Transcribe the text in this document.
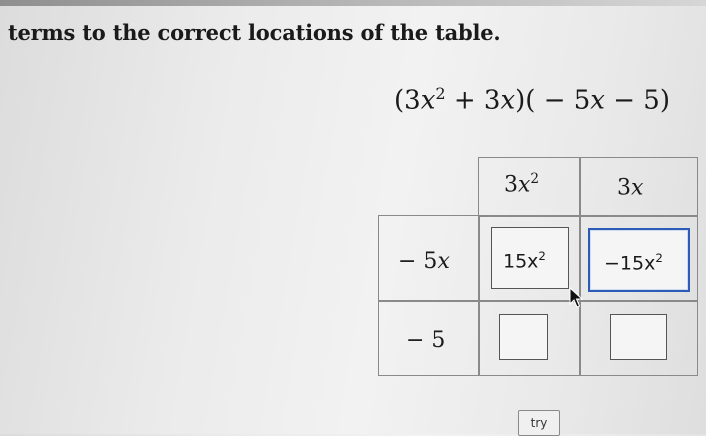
terms to the correct locations of the table.
$(3x^2 + 3x)( - 5x - 5)$
$3x^2$	3x
− 5x
− 5
$15x^2$	$-15x^2$
try
